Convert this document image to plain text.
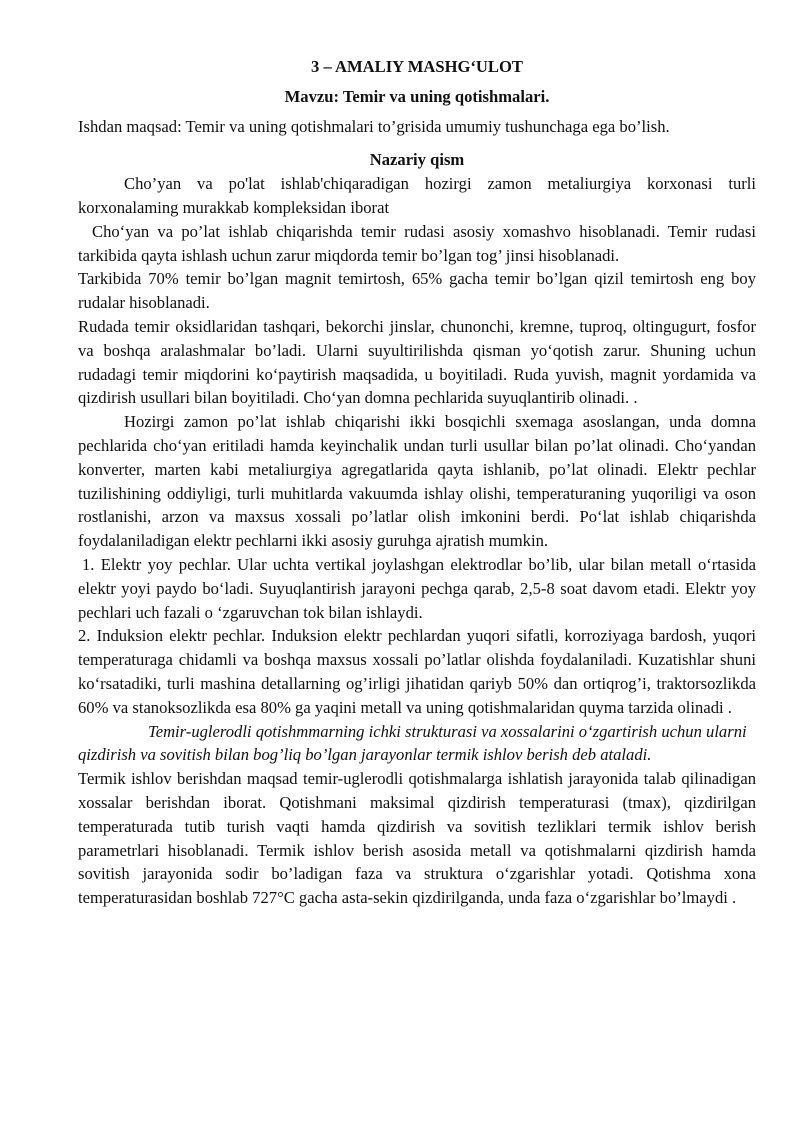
3 – AMALIY MASHG‘ULOT
Mavzu: Temir va uning qotishmalari.
Ishdan maqsad: Temir va uning qotishmalari to’grisida umumiy tushunchaga ega bo’lish.
Nazariy qism

Cho’yan va po'lat ishlab'chiqaradigan hozirgi zamon metaliurgiya korxonasi turli korxonalaming murakkab kompleksidan iborat

Cho‘yan va po’lat ishlab chiqarishda temir rudasi asosiy xomashvo hisoblanadi. Temir rudasi tarkibida qayta ishlash uchun zarur miqdorda temir bo’lgan tog’ jinsi hisoblanadi.

Tarkibida 70% temir bo’lgan magnit temirtosh, 65% gacha temir bo’lgan qizil temirtosh eng boy rudalar hisoblanadi.

Rudada temir oksidlaridan tashqari, bekorchi jinslar, chunonchi, kremne, tuproq, oltingugurt, fosfor va boshqa aralashmalar bo’ladi. Ularni suyultirilishda qisman yo‘qotish zarur. Shuning uchun rudadagi temir miqdorini ko‘paytirish maqsadida, u boyitiladi. Ruda yuvish, magnit yordamida va qizdirish usullari bilan boyitiladi. Cho‘yan domna pechlarida suyuqlantirib olinadi. .

Hozirgi zamon po’lat ishlab chiqarishi ikki bosqichli sxemaga asoslangan, unda domna pechlarida cho‘yan eritiladi hamda keyinchalik undan turli usullar bilan po’lat olinadi. Cho‘yandan konverter, marten kabi metaliurgiya agregatlarida qayta ishlanib, po’lat olinadi. Elektr pechlar tuzilishining oddiyligi, turli muhitlarda vakuumda ishlay olishi, temperaturaning yuqoriligi va oson rostlanishi, arzon va maxsus xossali po’latlar olish imkonini berdi. Po‘lat ishlab chiqarishda foydalaniladigan elektr pechlarni ikki asosiy guruhga ajratish mumkin.

1. Elektr yoy pechlar. Ular uchta vertikal joylashgan elektrodlar bo’lib, ular bilan metall o‘rtasida elektr yoyi paydo bo‘ladi. Suyuqlantirish jarayoni pechga qarab, 2,5-8 soat davom etadi. Elektr yoy pechlari uch fazali o ‘zgaruvchan tok bilan ishlaydi.

2. Induksion elektr pechlar. Induksion elektr pechlardan yuqori sifatli, korroziyaga bardosh, yuqori temperaturaga chidamli va boshqa maxsus xossali po’latlar olishda foydalaniladi. Kuzatishlar shuni ko‘rsatadiki, turli mashina detallarning og’irligi jihatidan qariyb 50% dan ortiqrog’i, traktorsozlikda 60% va stanoksozlikda esa 80% ga yaqini metall va uning qotishmalaridan quyma tarzida olinadi .

Temir-uglerodli qotishmmarning ichki strukturasi va xossalarini o‘zgartirish uchun ularni qizdirish va sovitish bilan bog’liq bo’lgan jarayonlar termik ishlov berish deb ataladi.

Termik ishlov berishdan maqsad temir-uglerodli qotishmalarga ishlatish jarayonida talab qilinadigan xossalar berishdan iborat. Qotishmani maksimal qizdirish temperaturasi (tmax), qizdirilgan temperaturada tutib turish vaqti hamda qizdirish va sovitish tezliklari termik ishlov berish parametrlari hisoblanadi. Termik ishlov berish asosida metall va qotishmalarni qizdirish hamda sovitish jarayonida sodir bo’ladigan faza va struktura o‘zgarishlar yotadi. Qotishma xona temperaturasidan boshlab 727°C gacha asta-sekin qizdirilganda, unda faza o‘zgarishlar bo’lmaydi .
